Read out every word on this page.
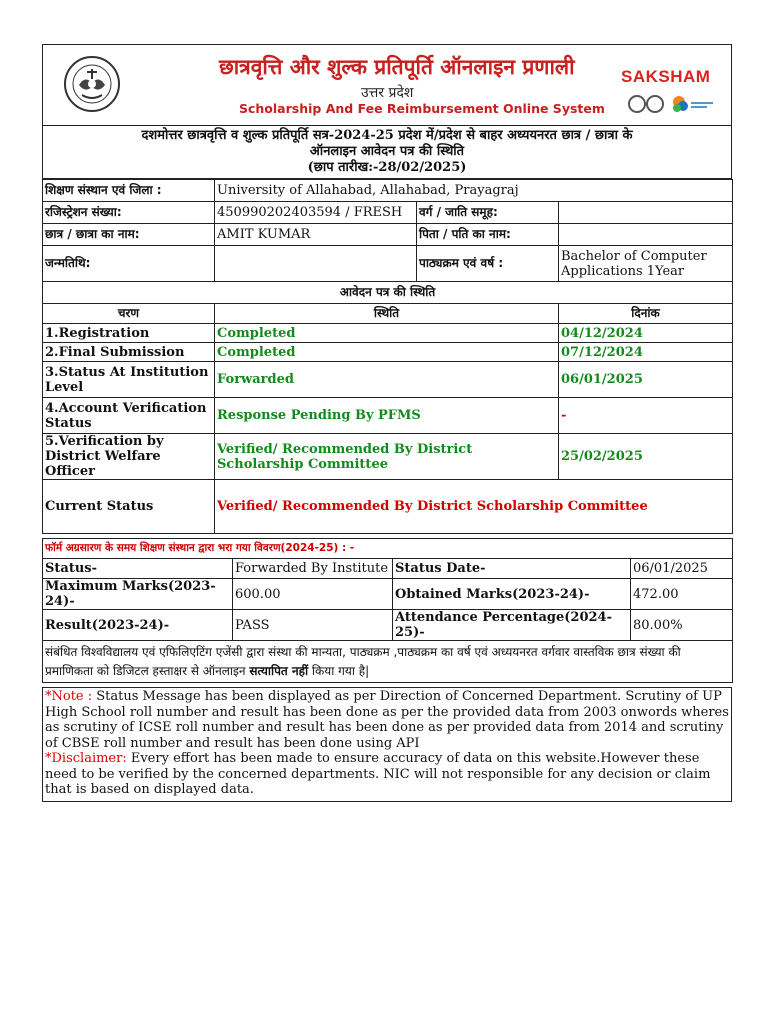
छात्रवृत्ति और शुल्क प्रतिपूर्ति ऑनलाइन प्रणाली
उत्तर प्रदेश
Scholarship And Fee Reimbursement Online System
SAKSHAM
दशमोत्तर छात्रवृत्ति व शुल्क प्रतिपूर्ति सत्र-2024-25 प्रदेश में/प्रदेश से बाहर अध्ययनरत छात्र / छात्रा के
ऑनलाइन आवेदन पत्र की स्थिति
(छाप तारीख:-28/02/2025)
शिक्षण संस्थान एवं जिला :	University of Allahabad, Allahabad, Prayagraj		
रजिस्ट्रेशन संख्या:	450990202403594 / FRESH	वर्ग / जाति समूह:	
छात्र / छात्रा का नाम:	AMIT KUMAR	पिता / पति का नाम:	
जन्मतिथि:		पाठ्यक्रम एवं वर्ष :	Bachelor of Computer Applications 1Year
आवेदन पत्र की स्थिति			
चरण	स्थिति		दिनांक
1.Registration	Completed		04/12/2024
2.Final Submission	Completed		07/12/2024
3.Status At Institution Level	Forwarded		06/01/2025
4.Account Verification Status	Response Pending By PFMS		-
5.Verification by District Welfare Officer	Verified/ Recommended By District Scholarship Committee		25/02/2025
Current Status	Verified/ Recommended By District Scholarship Committee		
फॉर्म अग्रसारण के समय शिक्षण संस्थान द्वारा भरा गया विवरण(2024-25) : -			
Status-	Forwarded By Institute	Status Date-	06/01/2025
Maximum Marks(2023-24)-	600.00	Obtained Marks(2023-24)-	472.00
Result(2023-24)-	PASS	Attendance Percentage(2024-25)-	80.00%
संबंधित विश्वविद्यालय एवं एफिलिएटिंग एजेंसी द्वारा संस्था की मान्यता, पाठ्यक्रम ,पाठ्यक्रम का वर्ष एवं अध्ययनरत वर्गवार वास्तविक छात्र संख्या की प्रमाणिकता को डिजिटल हस्ताक्षर से ऑनलाइन सत्यापित नहीं किया गया है|			
*Note : Status Message has been displayed as per Direction of Concerned Department. Scrutiny of UP High School roll number and result has been done as per the provided data from 2003 onwords wheres as scrutiny of ICSE roll number and result has been done as per provided data from 2014 and scrutiny of CBSE roll number and result has been done using API
*Disclaimer: Every effort has been made to ensure accuracy of data on this website.However these need to be verified by the concerned departments. NIC will not responsible for any decision or claim that is based on displayed data.
